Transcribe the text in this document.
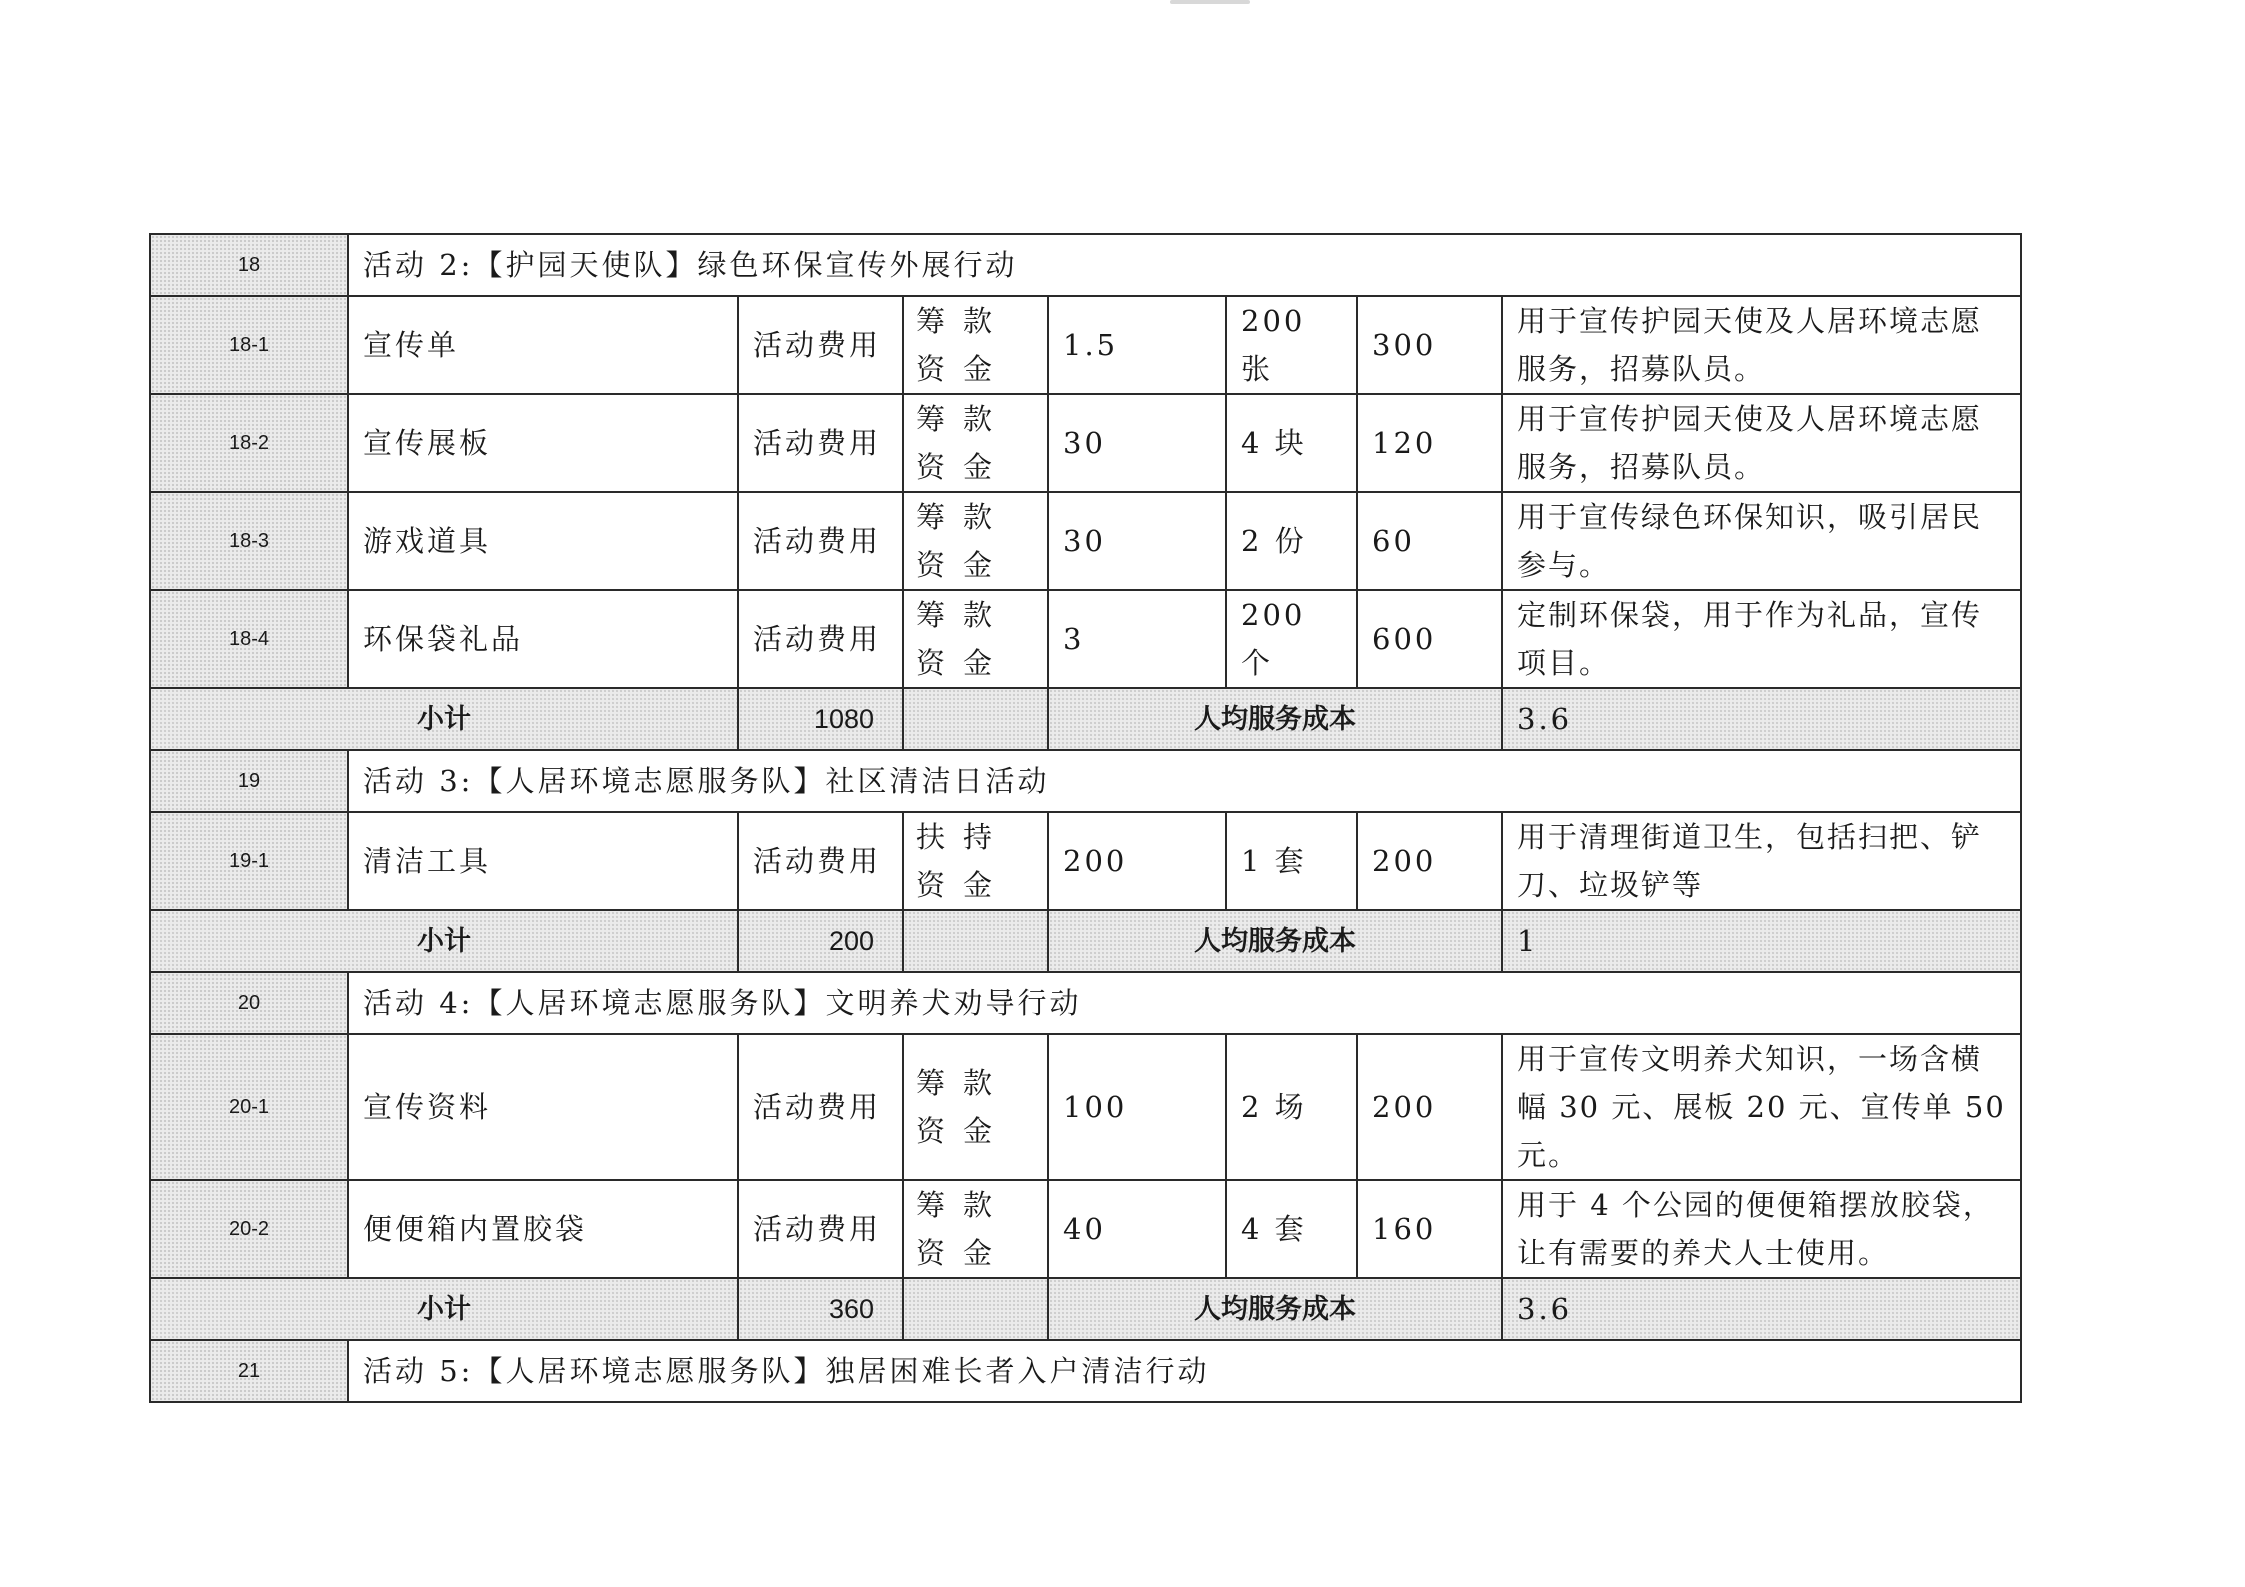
18	活动 2:【护园天使队】绿色环保宣传外展行动						
18-1	宣传单	活动费用	筹款资金	1.5	200 张	300	用于宣传护园天使及人居环境志愿服务，招募队员。
18-2	宣传展板	活动费用	筹款资金	30	4 块	120	用于宣传护园天使及人居环境志愿服务，招募队员。
18-3	游戏道具	活动费用	筹款资金	30	2 份	60	用于宣传绿色环保知识，吸引居民参与。
18-4	环保袋礼品	活动费用	筹款资金	3	200 个	600	定制环保袋，用于作为礼品，宣传项目。
小计		1080		人均服务成本			3.6
19	活动 3:【人居环境志愿服务队】社区清洁日活动						
19-1	清洁工具	活动费用	扶持资金	200	1 套	200	用于清理街道卫生，包括扫把、铲刀、垃圾铲等
小计		200		人均服务成本			1
20	活动 4:【人居环境志愿服务队】文明养犬劝导行动						
20-1	宣传资料	活动费用	筹款资金	100	2 场	200	用于宣传文明养犬知识，一场含横幅 30 元、展板 20 元、宣传单 50 元。
20-2	便便箱内置胶袋	活动费用	筹款资金	40	4 套	160	用于 4 个公园的便便箱摆放胶袋，让有需要的养犬人士使用。
小计		360		人均服务成本			3.6
21	活动 5:【人居环境志愿服务队】独居困难长者入户清洁行动						
